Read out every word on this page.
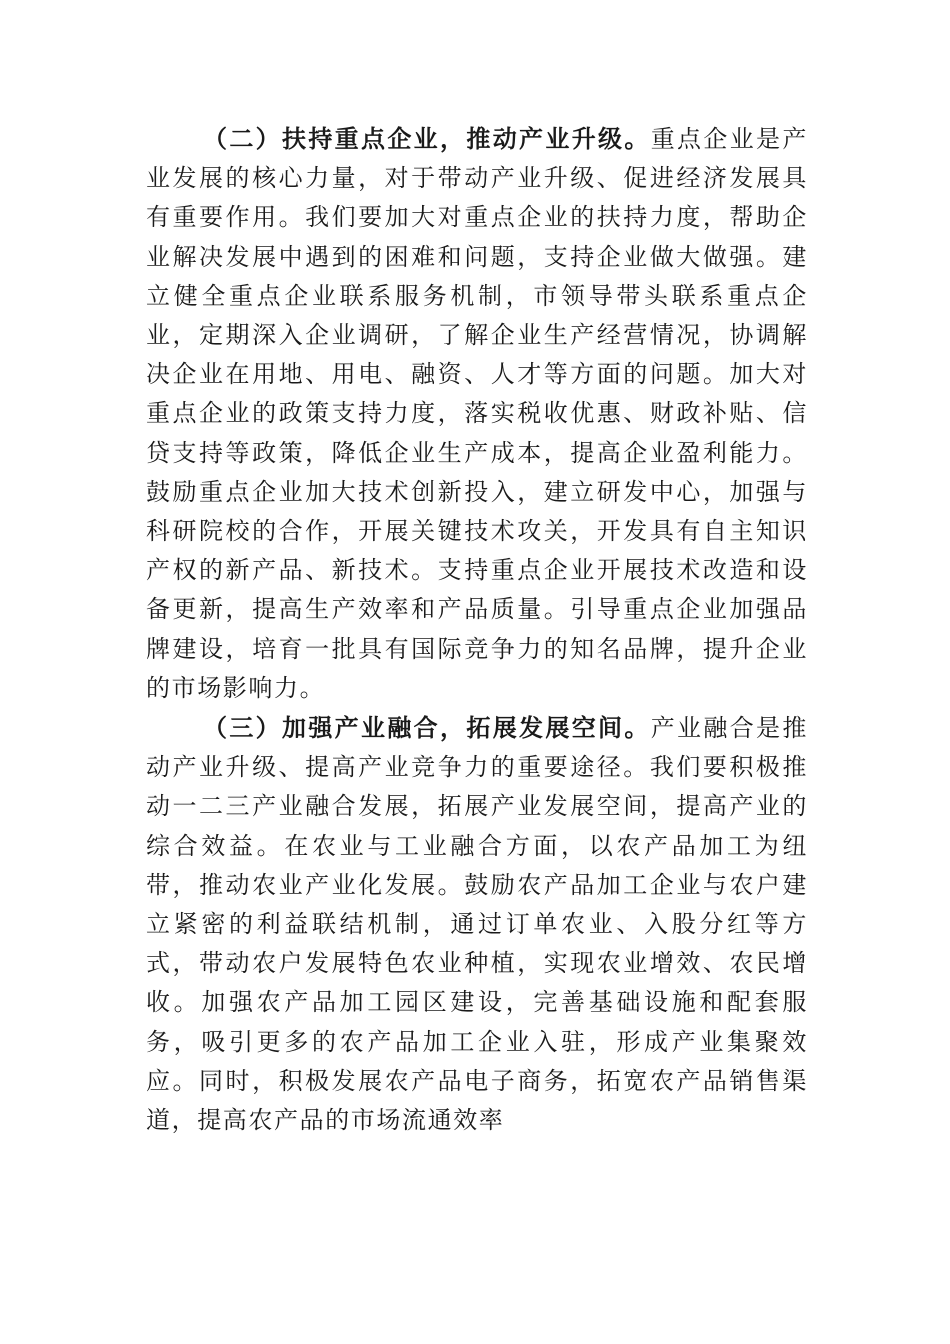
（二）扶持重点企业，推动产业升级。重点企业是产业发展的核心力量，对于带动产业升级、促进经济发展具有重要作用。我们要加大对重点企业的扶持力度，帮助企业解决发展中遇到的困难和问题，支持企业做大做强。建立健全重点企业联系服务机制，市领导带头联系重点企业，定期深入企业调研，了解企业生产经营情况，协调解决企业在用地、用电、融资、人才等方面的问题。加大对重点企业的政策支持力度，落实税收优惠、财政补贴、信贷支持等政策，降低企业生产成本，提高企业盈利能力。鼓励重点企业加大技术创新投入，建立研发中心，加强与科研院校的合作，开展关键技术攻关，开发具有自主知识产权的新产品、新技术。支持重点企业开展技术改造和设备更新，提高生产效率和产品质量。引导重点企业加强品牌建设，培育一批具有国际竞争力的知名品牌，提升企业的市场影响力。

（三）加强产业融合，拓展发展空间。产业融合是推动产业升级、提高产业竞争力的重要途径。我们要积极推动一二三产业融合发展，拓展产业发展空间，提高产业的综合效益。在农业与工业融合方面，以农产品加工为纽带，推动农业产业化发展。鼓励农产品加工企业与农户建立紧密的利益联结机制，通过订单农业、入股分红等方式，带动农户发展特色农业种植，实现农业增效、农民增收。加强农产品加工园区建设，完善基础设施和配套服务，吸引更多的农产品加工企业入驻，形成产业集聚效应。同时，积极发展农产品电子商务，拓宽农产品销售渠道，提高农产品的市场流通效率
